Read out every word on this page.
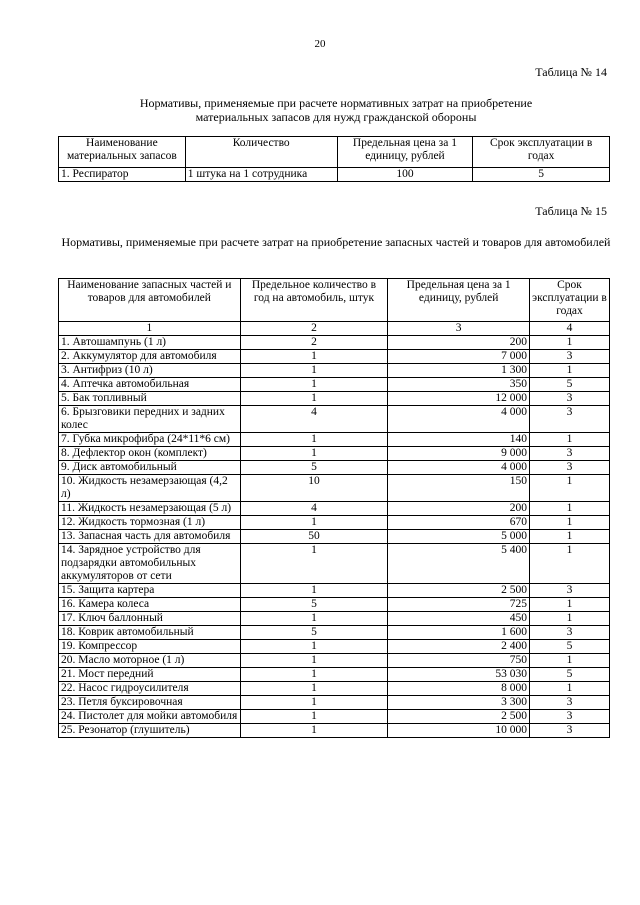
20
Таблица № 14
Нормативы, применяемые при расчете нормативных затрат на приобретение материальных запасов для нужд гражданской обороны
Наименование материальных запасов	Количество	Предельная цена за 1 единицу, рублей	Срок эксплуатации в годах
1. Респиратор	1 штука на 1 сотрудника	100	5
Таблица № 15
Нормативы, применяемые при расчете затрат на приобретение запасных частей и товаров для автомобилей
Наименование запасных частей и товаров для автомобилей	Предельное количество в год на автомобиль, штук	Предельная цена за 1 единицу, рублей	Срок эксплуатации в годах
1	2	3	4
1. Автошампунь (1 л)	2	200	1
2. Аккумулятор для автомобиля	1	7 000	3
3. Антифриз (10 л)	1	1 300	1
4. Аптечка автомобильная	1	350	5
5. Бак топливный	1	12 000	3
6. Брызговики передних и задних колес	4	4 000	3
7. Губка микрофибра (24*11*6 см)	1	140	1
8. Дефлектор окон (комплект)	1	9 000	3
9. Диск автомобильный	5	4 000	3
10. Жидкость незамерзающая (4,2 л)	10	150	1
11. Жидкость незамерзающая (5 л)	4	200	1
12. Жидкость тормозная (1 л)	1	670	1
13. Запасная часть для автомобиля	50	5 000	1
14. Зарядное устройство для подзарядки автомобильных аккумуляторов от сети	1	5 400	1
15. Защита картера	1	2 500	3
16. Камера колеса	5	725	1
17. Ключ баллонный	1	450	1
18. Коврик автомобильный	5	1 600	3
19. Компрессор	1	2 400	5
20. Масло моторное (1 л)	1	750	1
21. Мост передний	1	53 030	5
22. Насос гидроусилителя	1	8 000	1
23. Петля буксировочная	1	3 300	3
24. Пистолет для мойки автомобиля	1	2 500	3
25. Резонатор (глушитель)	1	10 000	3
